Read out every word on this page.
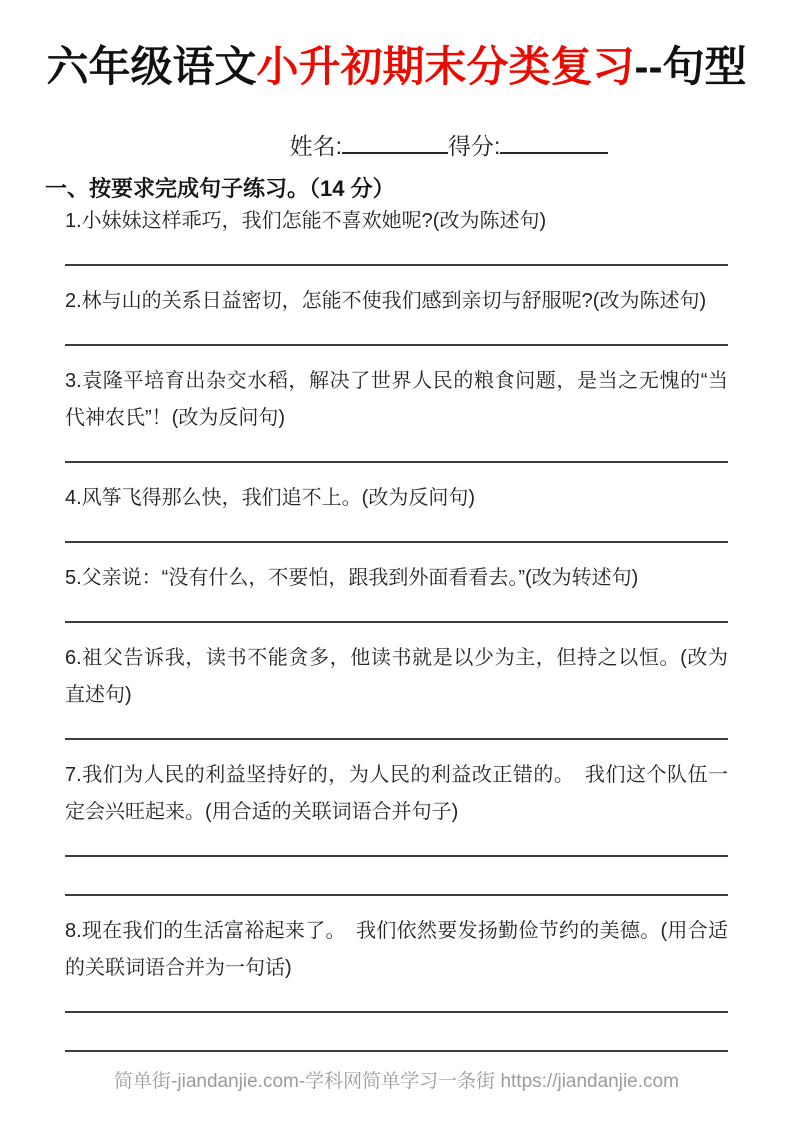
六年级语文小升初期末分类复习--句型
姓名:	得分:
一、按要求完成句子练习。（14 分）

1.小妹妹这样乖巧，我们怎能不喜欢她呢?(改为陈述句)

2.林与山的关系日益密切，怎能不使我们感到亲切与舒服呢?(改为陈述句)

3.袁隆平培育出杂交水稻，解决了世界人民的粮食问题，是当之无愧的“当代神农氏”！(改为反问句)

4.风筝飞得那么快，我们追不上。(改为反问句)

5.父亲说：“没有什么，不要怕，跟我到外面看看去。”(改为转述句)

6.祖父告诉我，读书不能贪多，他读书就是以少为主，但持之以恒。(改为直述句)

7.我们为人民的利益坚持好的，为人民的利益改正错的。　我们这个队伍一定会兴旺起来。(用合适的关联词语合并句子)

8.现在我们的生活富裕起来了。　我们依然要发扬勤俭节约的美德。(用合适的关联词语合并为一句话)

简单街-jiandanjie.com-学科网简单学习一条街 https://jiandanjie.com
